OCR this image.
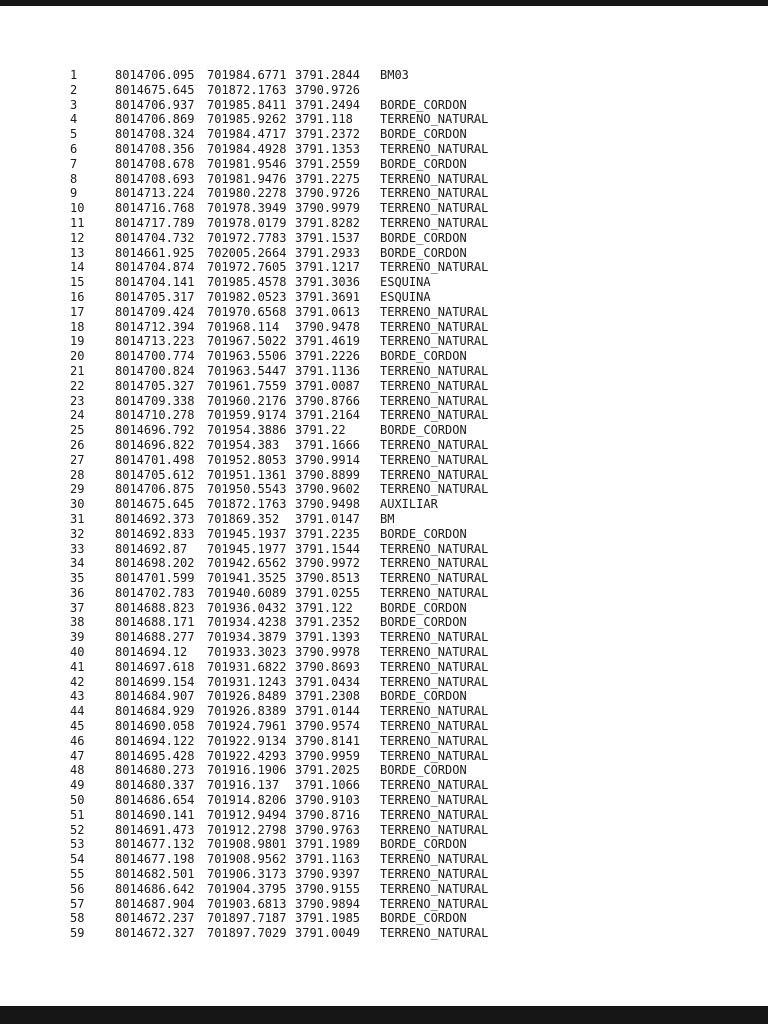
1	8014706.095	701984.6771 3791.2844	BM03
2	8014675.645	701872.1763 3790.9726
3	8014706.937	701985.8411 3791.2494	BORDE_CORDON
4	8014706.869	701985.9262 3791.118	TERRENO_NATURAL
5	8014708.324	701984.4717 3791.2372	BORDE_CORDON
6	8014708.356	701984.4928 3791.1353	TERRENO_NATURAL
7	8014708.678	701981.9546 3791.2559	BORDE_CORDON
8	8014708.693	701981.9476 3791.2275	TERRENO_NATURAL
9	8014713.224	701980.2278 3790.9726	TERRENO_NATURAL
10	8014716.768	701978.3949 3790.9979	TERRENO_NATURAL
11	8014717.789	701978.0179 3791.8282	TERRENO_NATURAL
12	8014704.732	701972.7783 3791.1537	BORDE_CORDON
13	8014661.925	702005.2664 3791.2933	BORDE_CORDON
14	8014704.874	701972.7605 3791.1217	TERRENO_NATURAL
15	8014704.141	701985.4578 3791.3036	ESQUINA
16	8014705.317	701982.0523 3791.3691	ESQUINA
17	8014709.424	701970.6568 3791.0613	TERRENO_NATURAL
18	8014712.394	701968.114	3790.9478	TERRENO_NATURAL
19	8014713.223	701967.5022 3791.4619	TERRENO_NATURAL
20	8014700.774	701963.5506 3791.2226	BORDE_CORDON
21	8014700.824	701963.5447 3791.1136	TERRENO_NATURAL
22	8014705.327	701961.7559 3791.0087	TERRENO_NATURAL
23	8014709.338	701960.2176 3790.8766	TERRENO_NATURAL
24	8014710.278	701959.9174 3791.2164	TERRENO_NATURAL
25	8014696.792	701954.3886 3791.22	BORDE_CORDON
26	8014696.822	701954.383	3791.1666	TERRENO_NATURAL
27	8014701.498	701952.8053 3790.9914	TERRENO_NATURAL
28	8014705.612	701951.1361 3790.8899	TERRENO_NATURAL
29	8014706.875	701950.5543 3790.9602	TERRENO_NATURAL
30	8014675.645	701872.1763 3790.9498	AUXILIAR
31	8014692.373	701869.352	3791.0147	BM
32	8014692.833	701945.1937 3791.2235	BORDE_CORDON
33	8014692.87	701945.1977 3791.1544	TERRENO_NATURAL
34	8014698.202	701942.6562 3790.9972	TERRENO_NATURAL
35	8014701.599	701941.3525 3790.8513	TERRENO_NATURAL
36	8014702.783	701940.6089 3791.0255	TERRENO_NATURAL
37	8014688.823	701936.0432 3791.122	BORDE_CORDON
38	8014688.171	701934.4238 3791.2352	BORDE_CORDON
39	8014688.277	701934.3879 3791.1393	TERRENO_NATURAL
40	8014694.12	701933.3023 3790.9978	TERRENO_NATURAL
41	8014697.618	701931.6822 3790.8693	TERRENO_NATURAL
42	8014699.154	701931.1243 3791.0434	TERRENO_NATURAL
43	8014684.907	701926.8489 3791.2308	BORDE_CORDON
44	8014684.929	701926.8389 3791.0144	TERRENO_NATURAL
45	8014690.058	701924.7961 3790.9574	TERRENO_NATURAL
46	8014694.122	701922.9134 3790.8141	TERRENO_NATURAL
47	8014695.428	701922.4293 3790.9959	TERRENO_NATURAL
48	8014680.273	701916.1906 3791.2025	BORDE_CORDON
49	8014680.337	701916.137	3791.1066	TERRENO_NATURAL
50	8014686.654	701914.8206 3790.9103	TERRENO_NATURAL
51	8014690.141	701912.9494 3790.8716	TERRENO_NATURAL
52	8014691.473	701912.2798 3790.9763	TERRENO_NATURAL
53	8014677.132	701908.9801 3791.1989	BORDE_CORDON
54	8014677.198	701908.9562 3791.1163	TERRENO_NATURAL
55	8014682.501	701906.3173 3790.9397	TERRENO_NATURAL
56	8014686.642	701904.3795 3790.9155	TERRENO_NATURAL
57	8014687.904	701903.6813 3790.9894	TERRENO_NATURAL
58	8014672.237	701897.7187 3791.1985	BORDE_CORDON
59	8014672.327	701897.7029 3791.0049	TERRENO_NATURAL
